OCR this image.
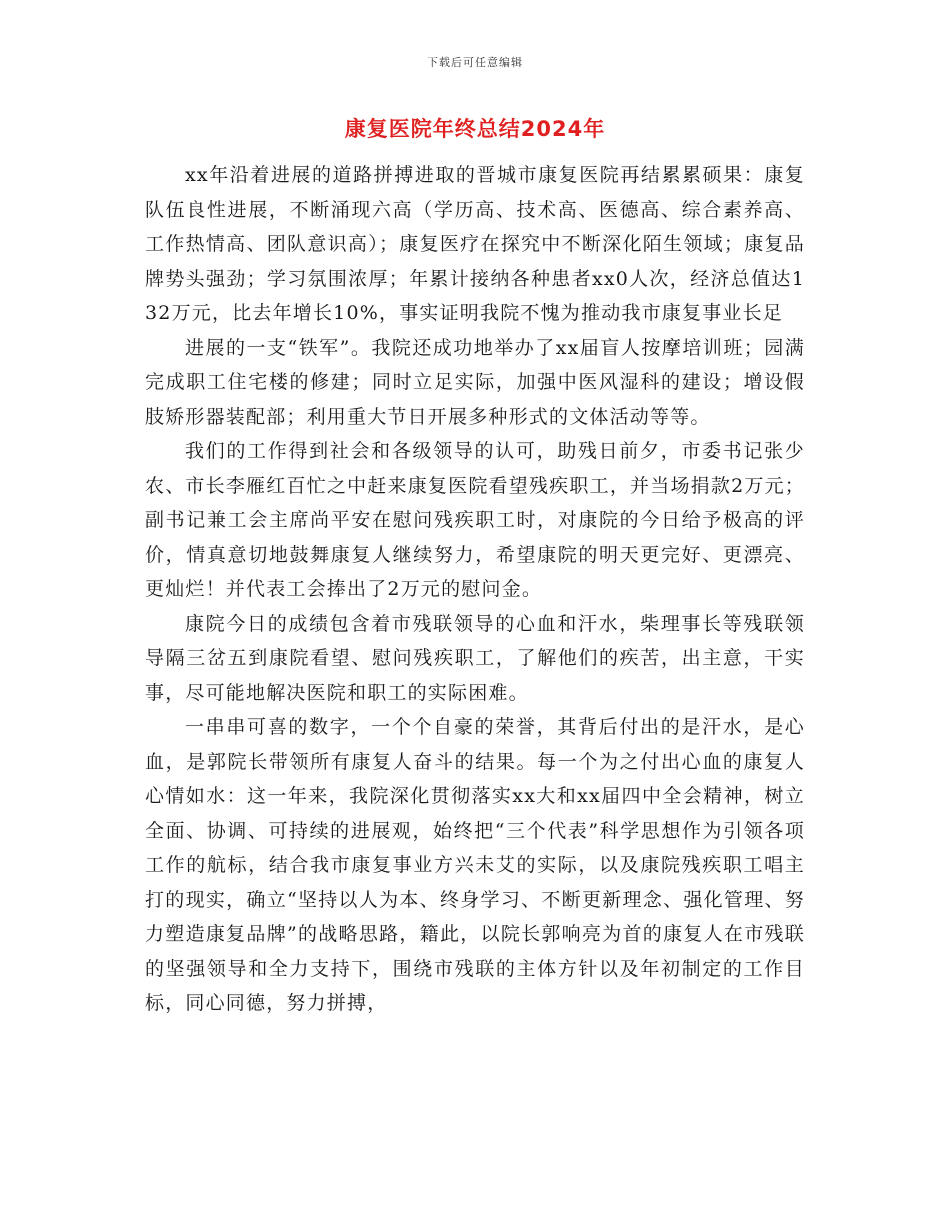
下载后可任意编辑
康复医院年终总结2024年

xx年沿着进展的道路拼搏进取的晋城市康复医院再结累累硕果：康复队伍良性进展，不断涌现六高（学历高、技术高、医德高、综合素养高、工作热情高、团队意识高）；康复医疗在探究中不断深化陌生领域；康复品牌势头强劲；学习氛围浓厚；年累计接纳各种患者xx0人次，经济总值达132万元，比去年增长10%，事实证明我院不愧为推动我市康复事业长足

进展的一支“铁军”。我院还成功地举办了xx届盲人按摩培训班；园满完成职工住宅楼的修建；同时立足实际，加强中医风湿科的建设；增设假肢矫形器装配部；利用重大节日开展多种形式的文体活动等等。

我们的工作得到社会和各级领导的认可，助残日前夕，市委书记张少农、市长李雁红百忙之中赶来康复医院看望残疾职工，并当场捐款2万元；副书记兼工会主席尚平安在慰问残疾职工时，对康院的今日给予极高的评价，情真意切地鼓舞康复人继续努力，希望康院的明天更完好、更漂亮、更灿烂！并代表工会捧出了2万元的慰问金。

康院今日的成绩包含着市残联领导的心血和汗水，柴理事长等残联领导隔三岔五到康院看望、慰问残疾职工，了解他们的疾苦，出主意，干实事，尽可能地解决医院和职工的实际困难。

一串串可喜的数字，一个个自豪的荣誉，其背后付出的是汗水，是心血，是郭院长带领所有康复人奋斗的结果。每一个为之付出心血的康复人心情如水：这一年来，我院深化贯彻落实xx大和xx届四中全会精神，树立全面、协调、可持续的进展观，始终把“三个代表”科学思想作为引领各项工作的航标，结合我市康复事业方兴未艾的实际，以及康院残疾职工唱主打的现实，确立“坚持以人为本、终身学习、不断更新理念、强化管理、努力塑造康复品牌”的战略思路，籍此，以院长郭响亮为首的康复人在市残联的坚强领导和全力支持下，围绕市残联的主体方针以及年初制定的工作目标，同心同德，努力拼搏，
